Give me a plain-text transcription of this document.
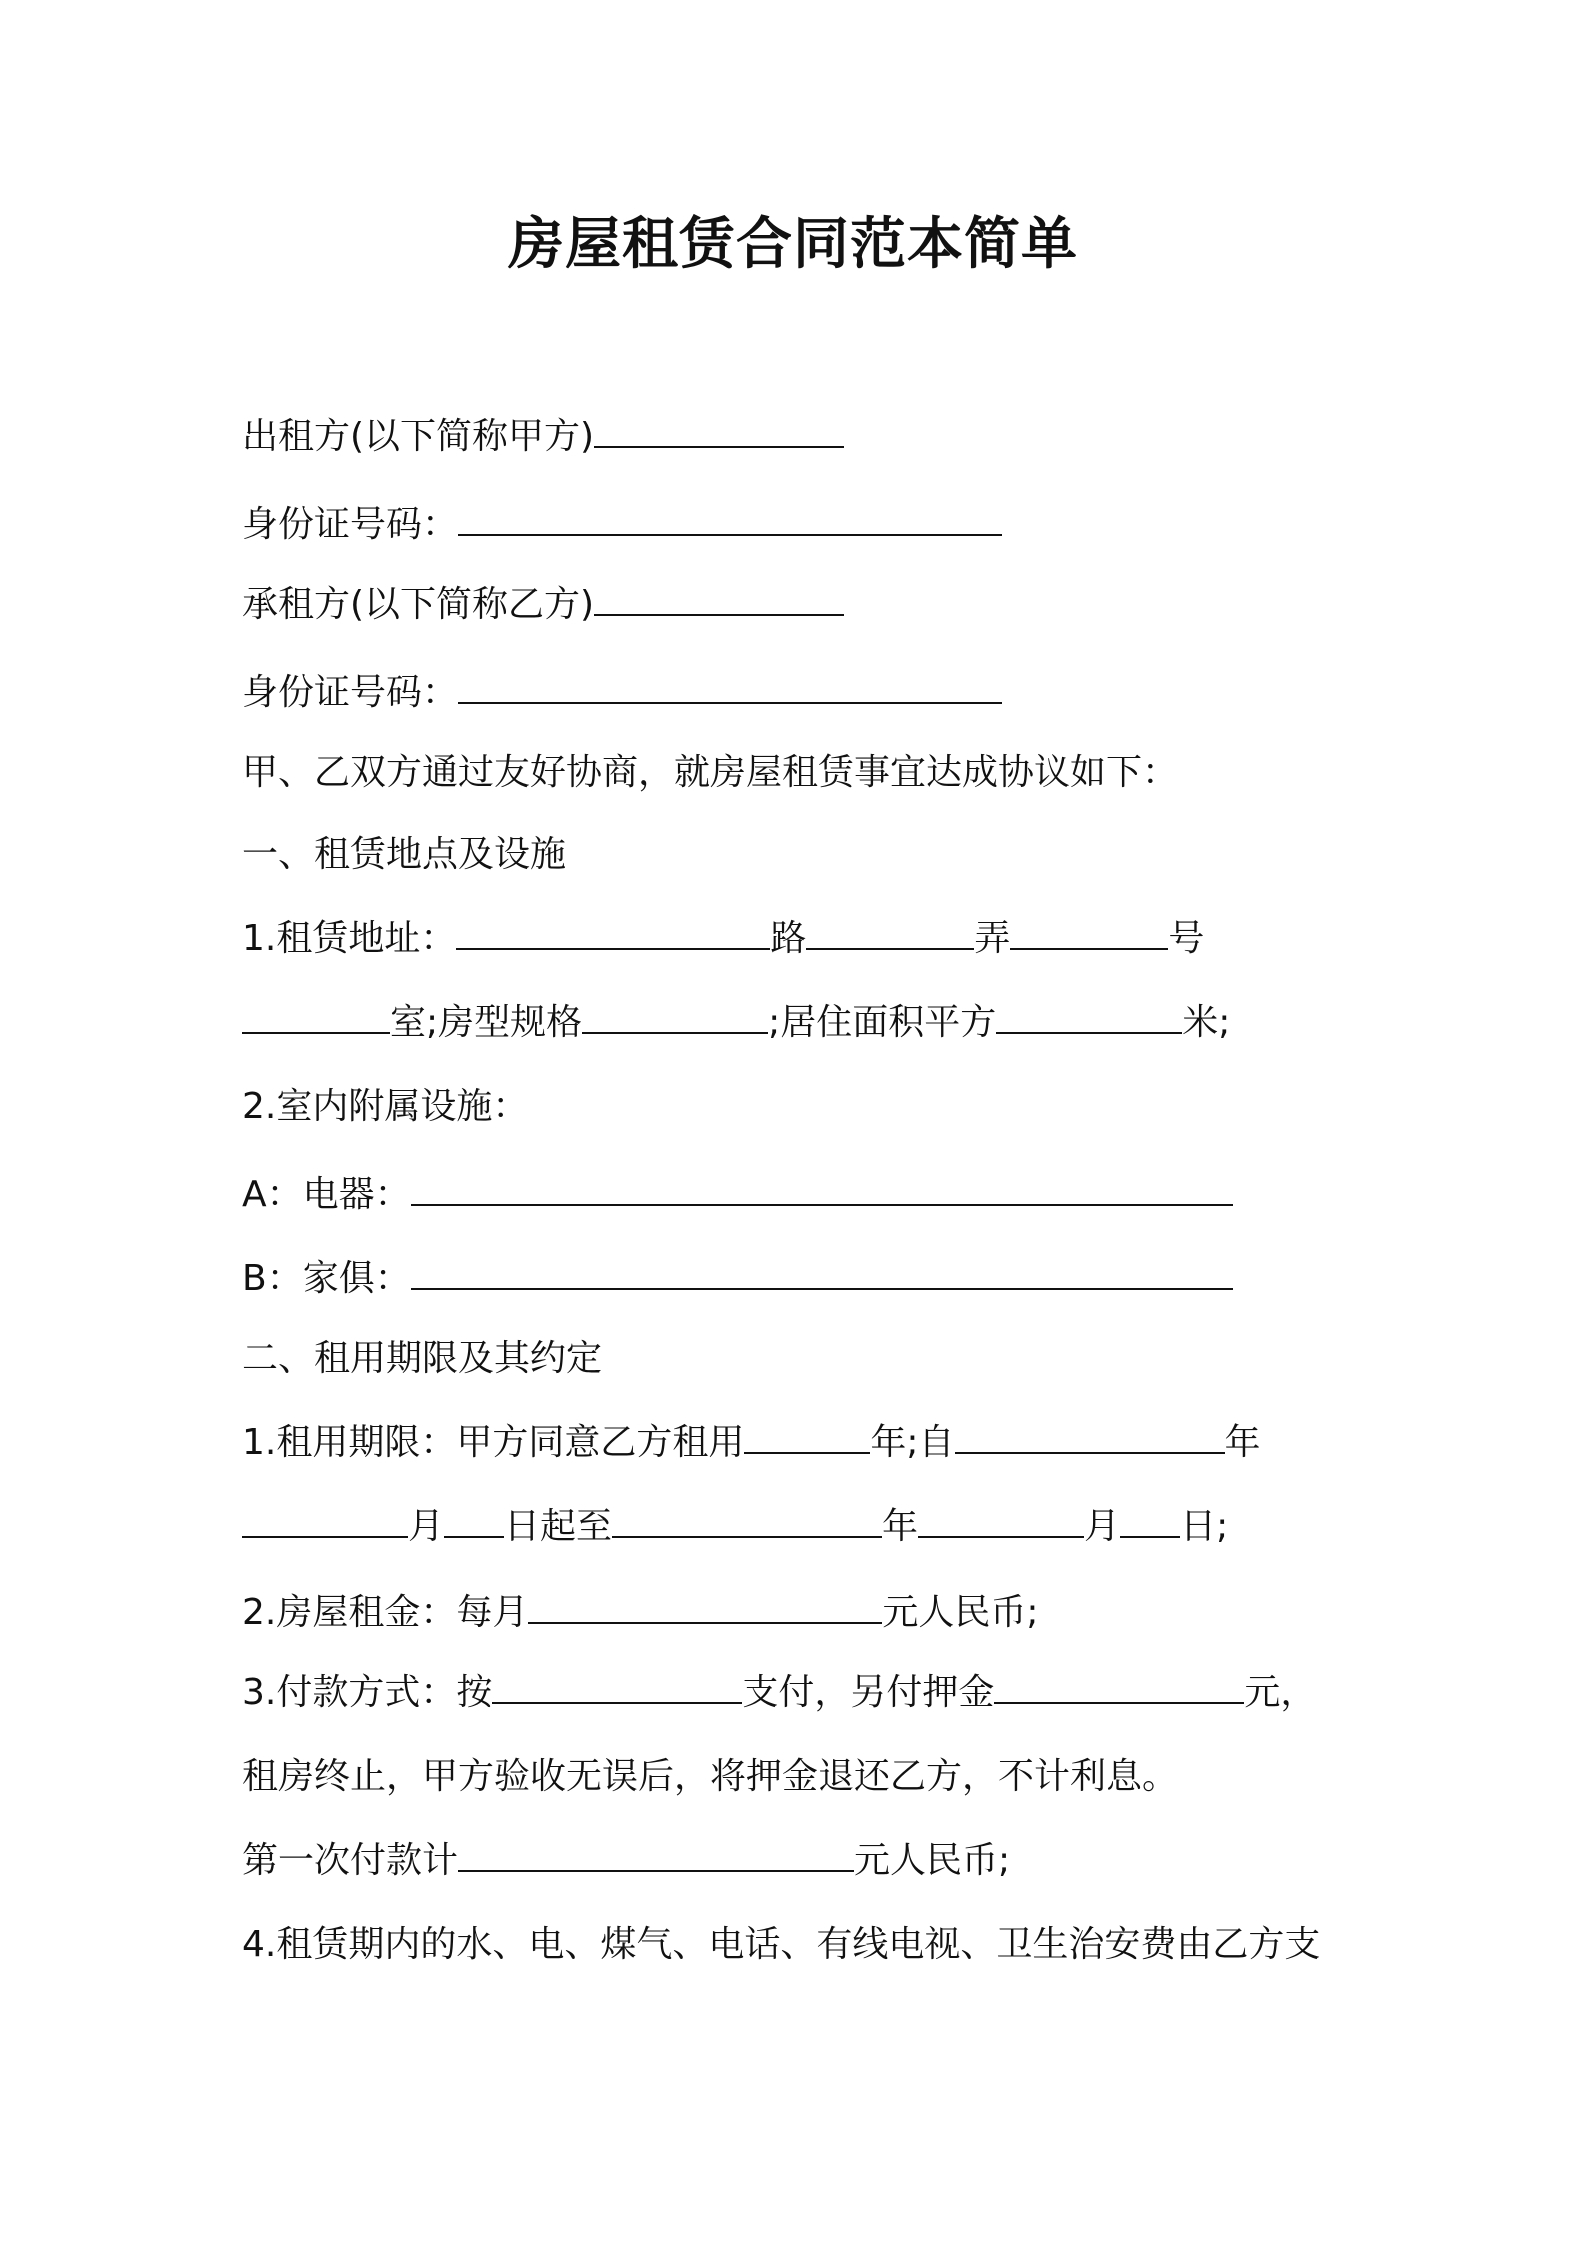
房屋租赁合同范本简单
出租方(以下简称甲方)
身份证号码：
承租方(以下简称乙方)
身份证号码：
甲、乙双方通过友好协商，就房屋租赁事宜达成协议如下：
一、租赁地点及设施
1.租赁地址：	路	弄	号
室;房型规格	;居住面积平方	米;
2.室内附属设施：
A：电器：
B：家俱：
二、租用期限及其约定
1.租用期限：甲方同意乙方租用	年;自	年
月 日起至	年	月 日;
2.房屋租金：每月	元人民币;
3.付款方式：按	支付，另付押金	元，
租房终止，甲方验收无误后，将押金退还乙方，不计利息。
第一次付款计	元人民币;
4.租赁期内的水、电、煤气、电话、有线电视、卫生治安费由乙方支
